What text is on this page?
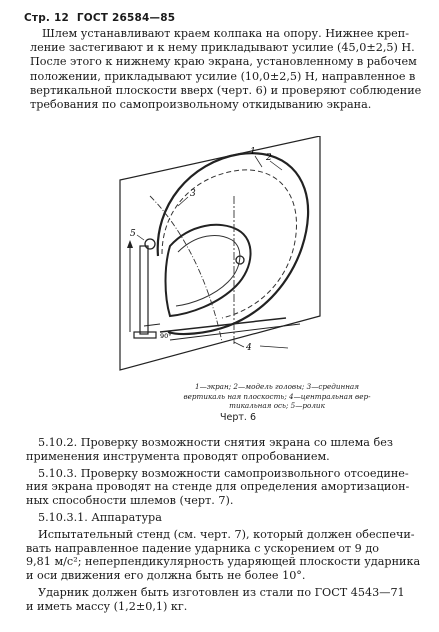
Стр. 12 ГОСТ 26584—85
Шлем устанавливают краем колпака на опору. Нижнее креп-
ление застегивают и к нему прикладывают усилие (45,0±2,5) Н.
После этого к нижнему краю экрана, установленному в рабочем
положении, прикладывают усилие (10,0±2,5) Н, направленное в
вертикальной плоскости вверх (черт. 6) и проверяют соблюдение
требования по самопроизвольному откидыванию экрана.
1
2
3
4
5
90°
1—экран; 2—модель головы; 3—срединная
вертикаль ная плоскость; 4—центральная вер-
тикальная ось; 5—ролик
Черт. 6
5.10.2. Проверку возможности снятия экрана со шлема без
применения инструмента проводят опробованием.
5.10.3. Проверку возможности самопроизвольного отсоедине-
ния экрана проводят на стенде для определения амортизацион-
ных способности шлемов (черт. 7).
5.10.3.1. Аппаратура
Испытательный стенд (см. черт. 7), который должен обеспечи-
вать направленное падение ударника с ускорением от 9 до
9,81 м/с²; неперпендикулярность ударяющей плоскости ударника
и оси движения его должна быть не более 10°.
Ударник должен быть изготовлен из стали по ГОСТ 4543—71
и иметь массу (1,2±0,1) кг.
